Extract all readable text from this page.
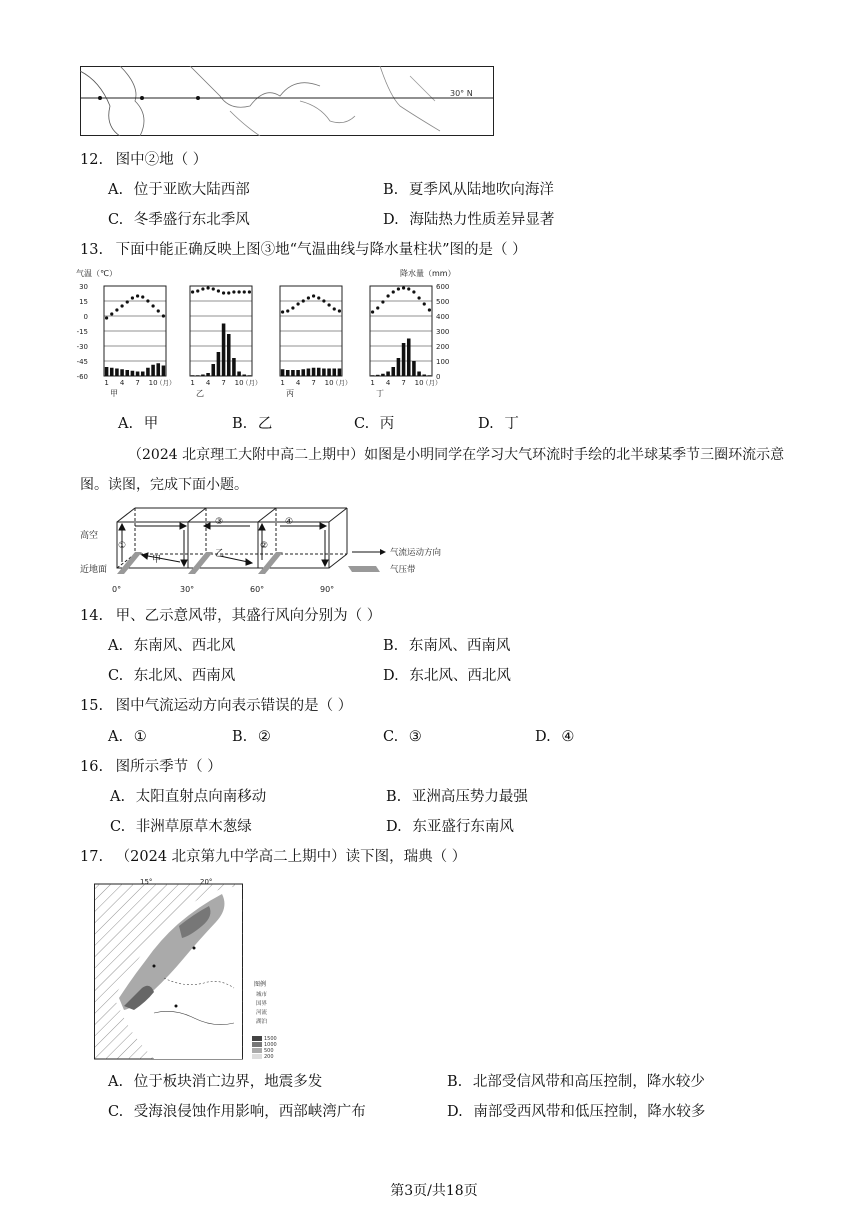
30° N
12. 图中②地（ ）
A. 位于亚欧大陆西部	B. 夏季风从陆地吹向海洋
C. 冬季盛行东北季风	D. 海陆热力性质差异显著
13. 下面中能正确反映上图③地“气温曲线与降水量柱状”图的是（ ）
气温（℃）	降水量（mm）
30
15
0
-15
-30
-45
-60
600
500
400
300
200
100
0
1 4 7 10
（月）
甲
1 4 7 10
（月）
乙
1 4 7 10
（月）
丙
1 4 7 10
（月）
丁
A. 甲	B. 乙	C. 丙	D. 丁
（2024 北京理工大附中高二上期中）如图是小明同学在学习大气环流时手绘的北半球某季节三圈环流示意图。读图，完成下面小题。
高空
近地面
①	②
③	④
甲
乙
0°	30°	60°	90°
气流运动方向
气压带
14. 甲、乙示意风带，其盛行风向分别为（ ）
A. 东南风、西北风	B. 东南风、西南风
C. 东北风、西南风	D. 东北风、西北风
15. 图中气流运动方向表示错误的是（ ）
A. ①	B. ②	C. ③	D. ④
16. 图所示季节（ ）
A. 太阳直射点向南移动	B. 亚洲高压势力最强
C. 非洲草原草木葱绿	D. 东亚盛行东南风
17. （2024 北京第九中学高二上期中）读下图，瑞典（ ）
15°	20°
图例
城市
国界
河流
湖泊
1500
1000
500
200
A. 位于板块消亡边界，地震多发	B. 北部受信风带和高压控制，降水较少
C. 受海浪侵蚀作用影响，西部峡湾广布	D. 南部受西风带和低压控制，降水较多
第3页/共18页
